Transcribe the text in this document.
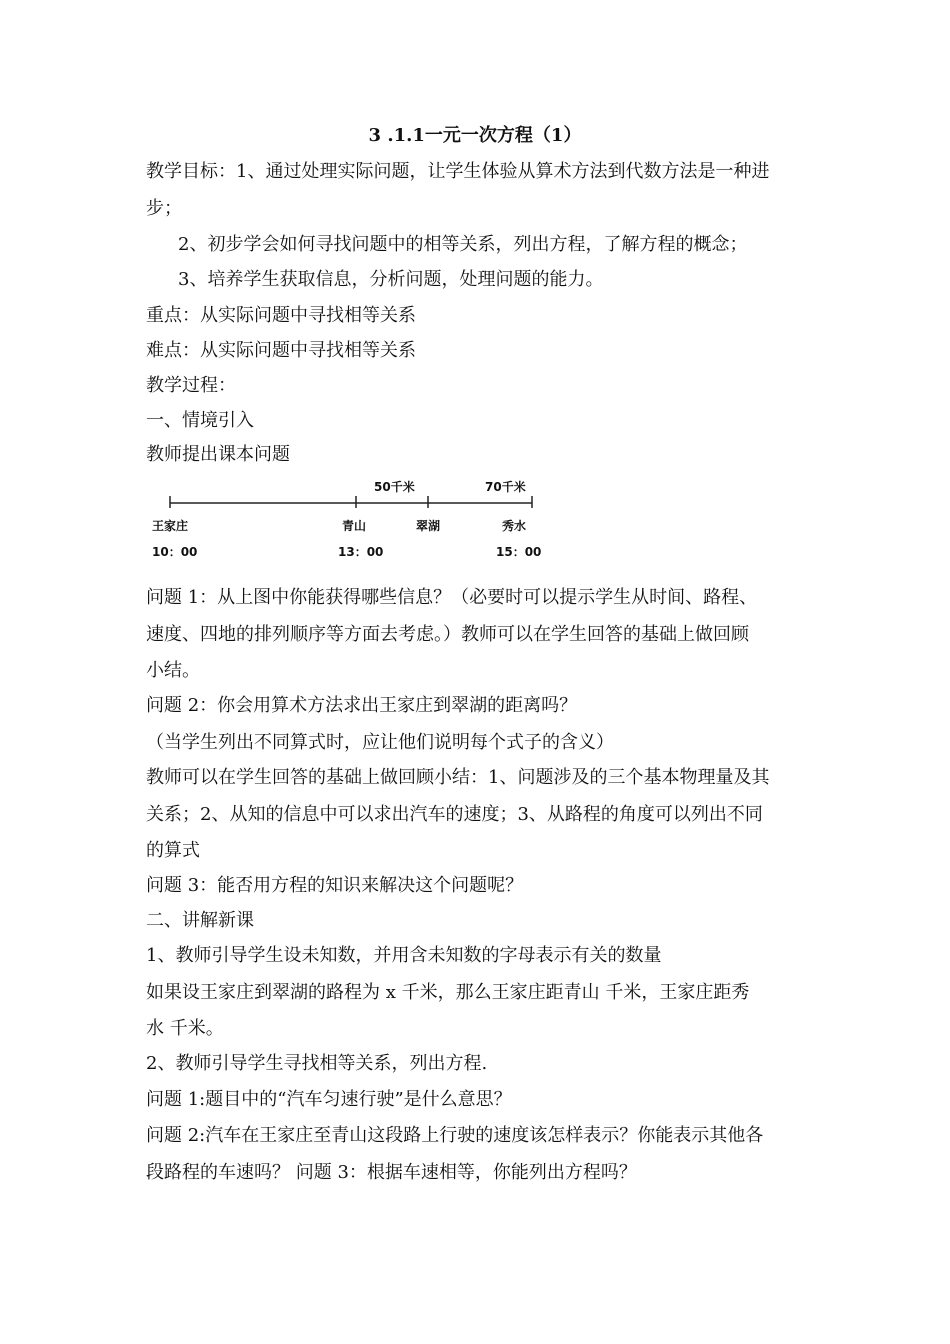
3 .1.1一元一次方程（1）
教学目标：1、通过处理实际问题，让学生体验从算术方法到代数方法是一种进
步；
2、初步学会如何寻找问题中的相等关系，列出方程，了解方程的概念；
3、培养学生获取信息，分析问题，处理问题的能力。
重点：从实际问题中寻找相等关系
难点：从实际问题中寻找相等关系
教学过程：
一、情境引入
教师提出课本问题
50千米	70千米
王家庄	青山	翠湖	秀水
10：00	13：00	15：00
问题 1：从上图中你能获得哪些信息？（必要时可以提示学生从时间、路程、
速度、四地的排列顺序等方面去考虑。）教师可以在学生回答的基础上做回顾
小结。
问题 2：你会用算术方法求出王家庄到翠湖的距离吗？
（当学生列出不同算式时，应让他们说明每个式子的含义）
教师可以在学生回答的基础上做回顾小结：1、问题涉及的三个基本物理量及其
关系；2、从知的信息中可以求出汽车的速度；3、从路程的角度可以列出不同
的算式
问题 3：能否用方程的知识来解决这个问题呢？
二、讲解新课
1、教师引导学生设未知数，并用含未知数的字母表示有关的数量
如果设王家庄到翠湖的路程为 x 千米，那么王家庄距青山 千米，王家庄距秀
水 千米。
2、教师引导学生寻找相等关系，列出方程.
问题 1:题目中的“汽车匀速行驶”是什么意思？
问题 2:汽车在王家庄至青山这段路上行驶的速度该怎样表示？你能表示其他各
段路程的车速吗？ 问题 3：根据车速相等，你能列出方程吗？
